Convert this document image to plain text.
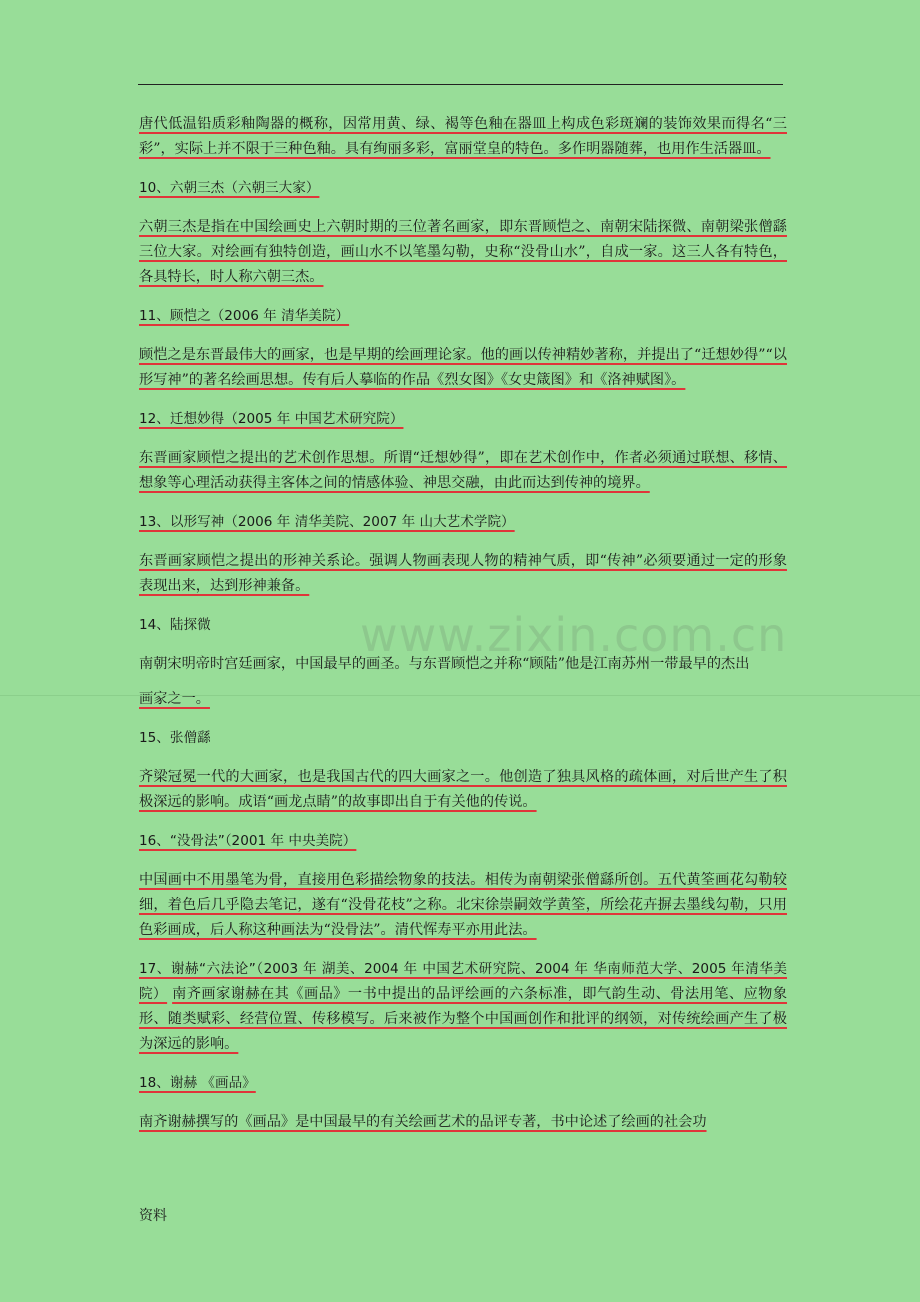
唐代低温铅质彩釉陶器的概称，因常用黄、绿、褐等色釉在器皿上构成色彩斑斓的装饰效果而得名“三彩”，实际上并不限于三种色釉。具有绚丽多彩，富丽堂皇的特色。多作明器随葬，也用作生活器皿。

10、六朝三杰（六朝三大家）

六朝三杰是指在中国绘画史上六朝时期的三位著名画家，即东晋顾恺之、南朝宋陆探微、南朝梁张僧繇三位大家。对绘画有独特创造，画山水不以笔墨勾勒，史称“没骨山水”，自成一家。这三人各有特色，各具特长，时人称六朝三杰。

11、顾恺之（2006 年 清华美院）

顾恺之是东晋最伟大的画家，也是早期的绘画理论家。他的画以传神精妙著称，并提出了“迁想妙得”“以形写神”的著名绘画思想。传有后人摹临的作品《烈女图》《女史箴图》和《洛神赋图》。

12、迁想妙得（2005 年 中国艺术研究院）

东晋画家顾恺之提出的艺术创作思想。所谓“迁想妙得”，即在艺术创作中，作者必须通过联想、移情、想象等心理活动获得主客体之间的情感体验、神思交融，由此而达到传神的境界。

13、以形写神（2006 年 清华美院、2007 年 山大艺术学院）

东晋画家顾恺之提出的形神关系论。强调人物画表现人物的精神气质，即“传神”必须要通过一定的形象表现出来，达到形神兼备。

14、陆探微

南朝宋明帝时宫廷画家，中国最早的画圣。与东晋顾恺之并称“顾陆”他是江南苏州一带最早的杰出

画家之一。

15、张僧繇

齐梁冠冕一代的大画家，也是我国古代的四大画家之一。他创造了独具风格的疏体画，对后世产生了积极深远的影响。成语“画龙点睛”的故事即出自于有关他的传说。

16、“没骨法”（2001 年 中央美院）

中国画中不用墨笔为骨，直接用色彩描绘物象的技法。相传为南朝梁张僧繇所创。五代黄筌画花勾勒较细，着色后几乎隐去笔记，遂有“没骨花枝”之称。北宋徐崇嗣效学黄筌，所绘花卉摒去墨线勾勒，只用色彩画成，后人称这种画法为“没骨法”。清代恽寿平亦用此法。

17、谢赫“六法论”（2003 年 湖美、2004 年 中国艺术研究院、2004 年 华南师范大学、2005 年清华美院） 南齐画家谢赫在其《画品》一书中提出的品评绘画的六条标准，即气韵生动、骨法用笔、应物象形、随类赋彩、经营位置、传移模写。后来被作为整个中国画创作和批评的纲领，对传统绘画产生了极为深远的影响。

18、谢赫 《画品》

南齐谢赫撰写的《画品》是中国最早的有关绘画艺术的品评专著，书中论述了绘画的社会功

www.zixin.com.cn
资料
